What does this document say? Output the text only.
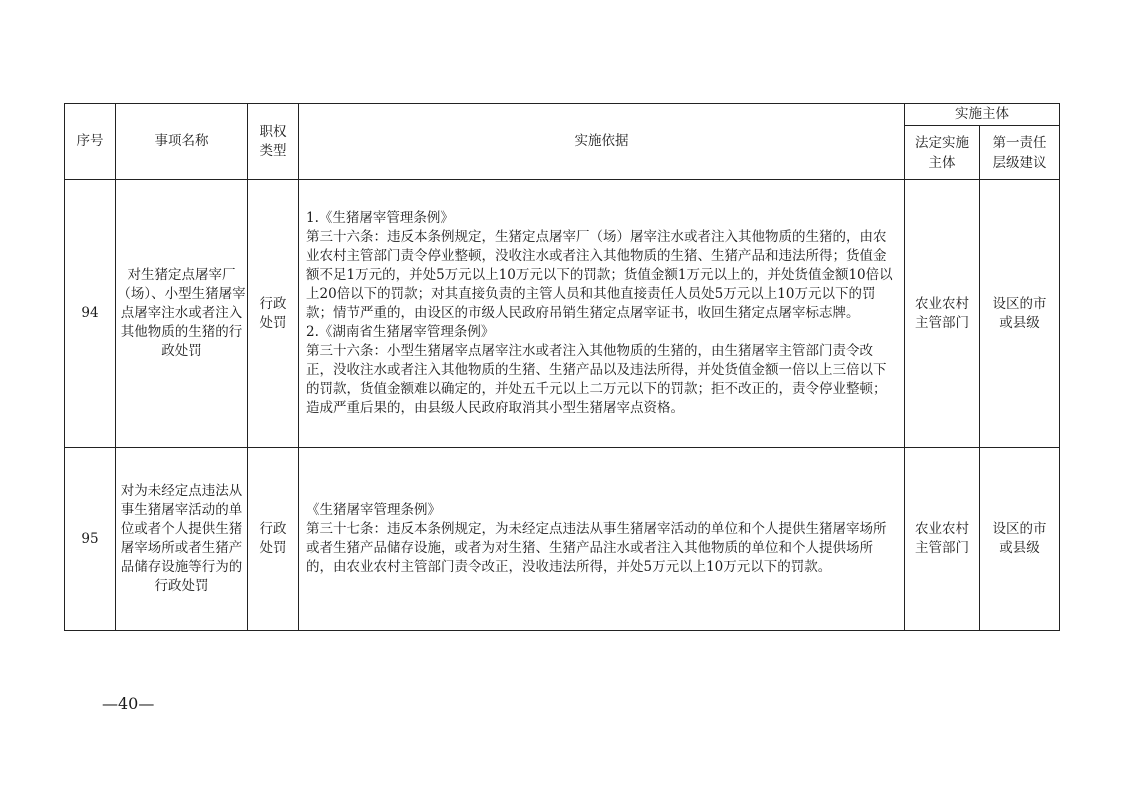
序号	事项名称	职权类型	实施依据	实施主体	
				法定实施主体	第一责任层级建议
94	对生猪定点屠宰厂（场）、小型生猪屠宰点屠宰注水或者注入其他物质的生猪的行政处罚	行政处罚	1.《生猪屠宰管理条例》

第三十六条：违反本条例规定，生猪定点屠宰厂（场）屠宰注水或者注入其他物质的生猪的，由农业农村主管部门责令停业整顿，没收注水或者注入其他物质的生猪、生猪产品和违法所得；货值金额不足1万元的，并处5万元以上10万元以下的罚款；货值金额1万元以上的，并处货值金额10倍以上20倍以下的罚款；对其直接负责的主管人员和其他直接责任人员处5万元以上10万元以下的罚款；情节严重的，由设区的市级人民政府吊销生猪定点屠宰证书，收回生猪定点屠宰标志牌。

2.《湖南省生猪屠宰管理条例》

第三十六条：小型生猪屠宰点屠宰注水或者注入其他物质的生猪的，由生猪屠宰主管部门责令改正，没收注水或者注入其他物质的生猪、生猪产品以及违法所得，并处货值金额一倍以上三倍以下的罚款，货值金额难以确定的，并处五千元以上二万元以下的罚款；拒不改正的，责令停业整顿；造成严重后果的，由县级人民政府取消其小型生猪屠宰点资格。	农业农村主管部门	设区的市或县级
95	对为未经定点违法从事生猪屠宰活动的单位或者个人提供生猪屠宰场所或者生猪产品储存设施等行为的行政处罚	行政处罚	《生猪屠宰管理条例》

第三十七条：违反本条例规定，为未经定点违法从事生猪屠宰活动的单位和个人提供生猪屠宰场所或者生猪产品储存设施，或者为对生猪、生猪产品注水或者注入其他物质的单位和个人提供场所的，由农业农村主管部门责令改正，没收违法所得，并处5万元以上10万元以下的罚款。	农业农村主管部门	设区的市或县级
—40—
